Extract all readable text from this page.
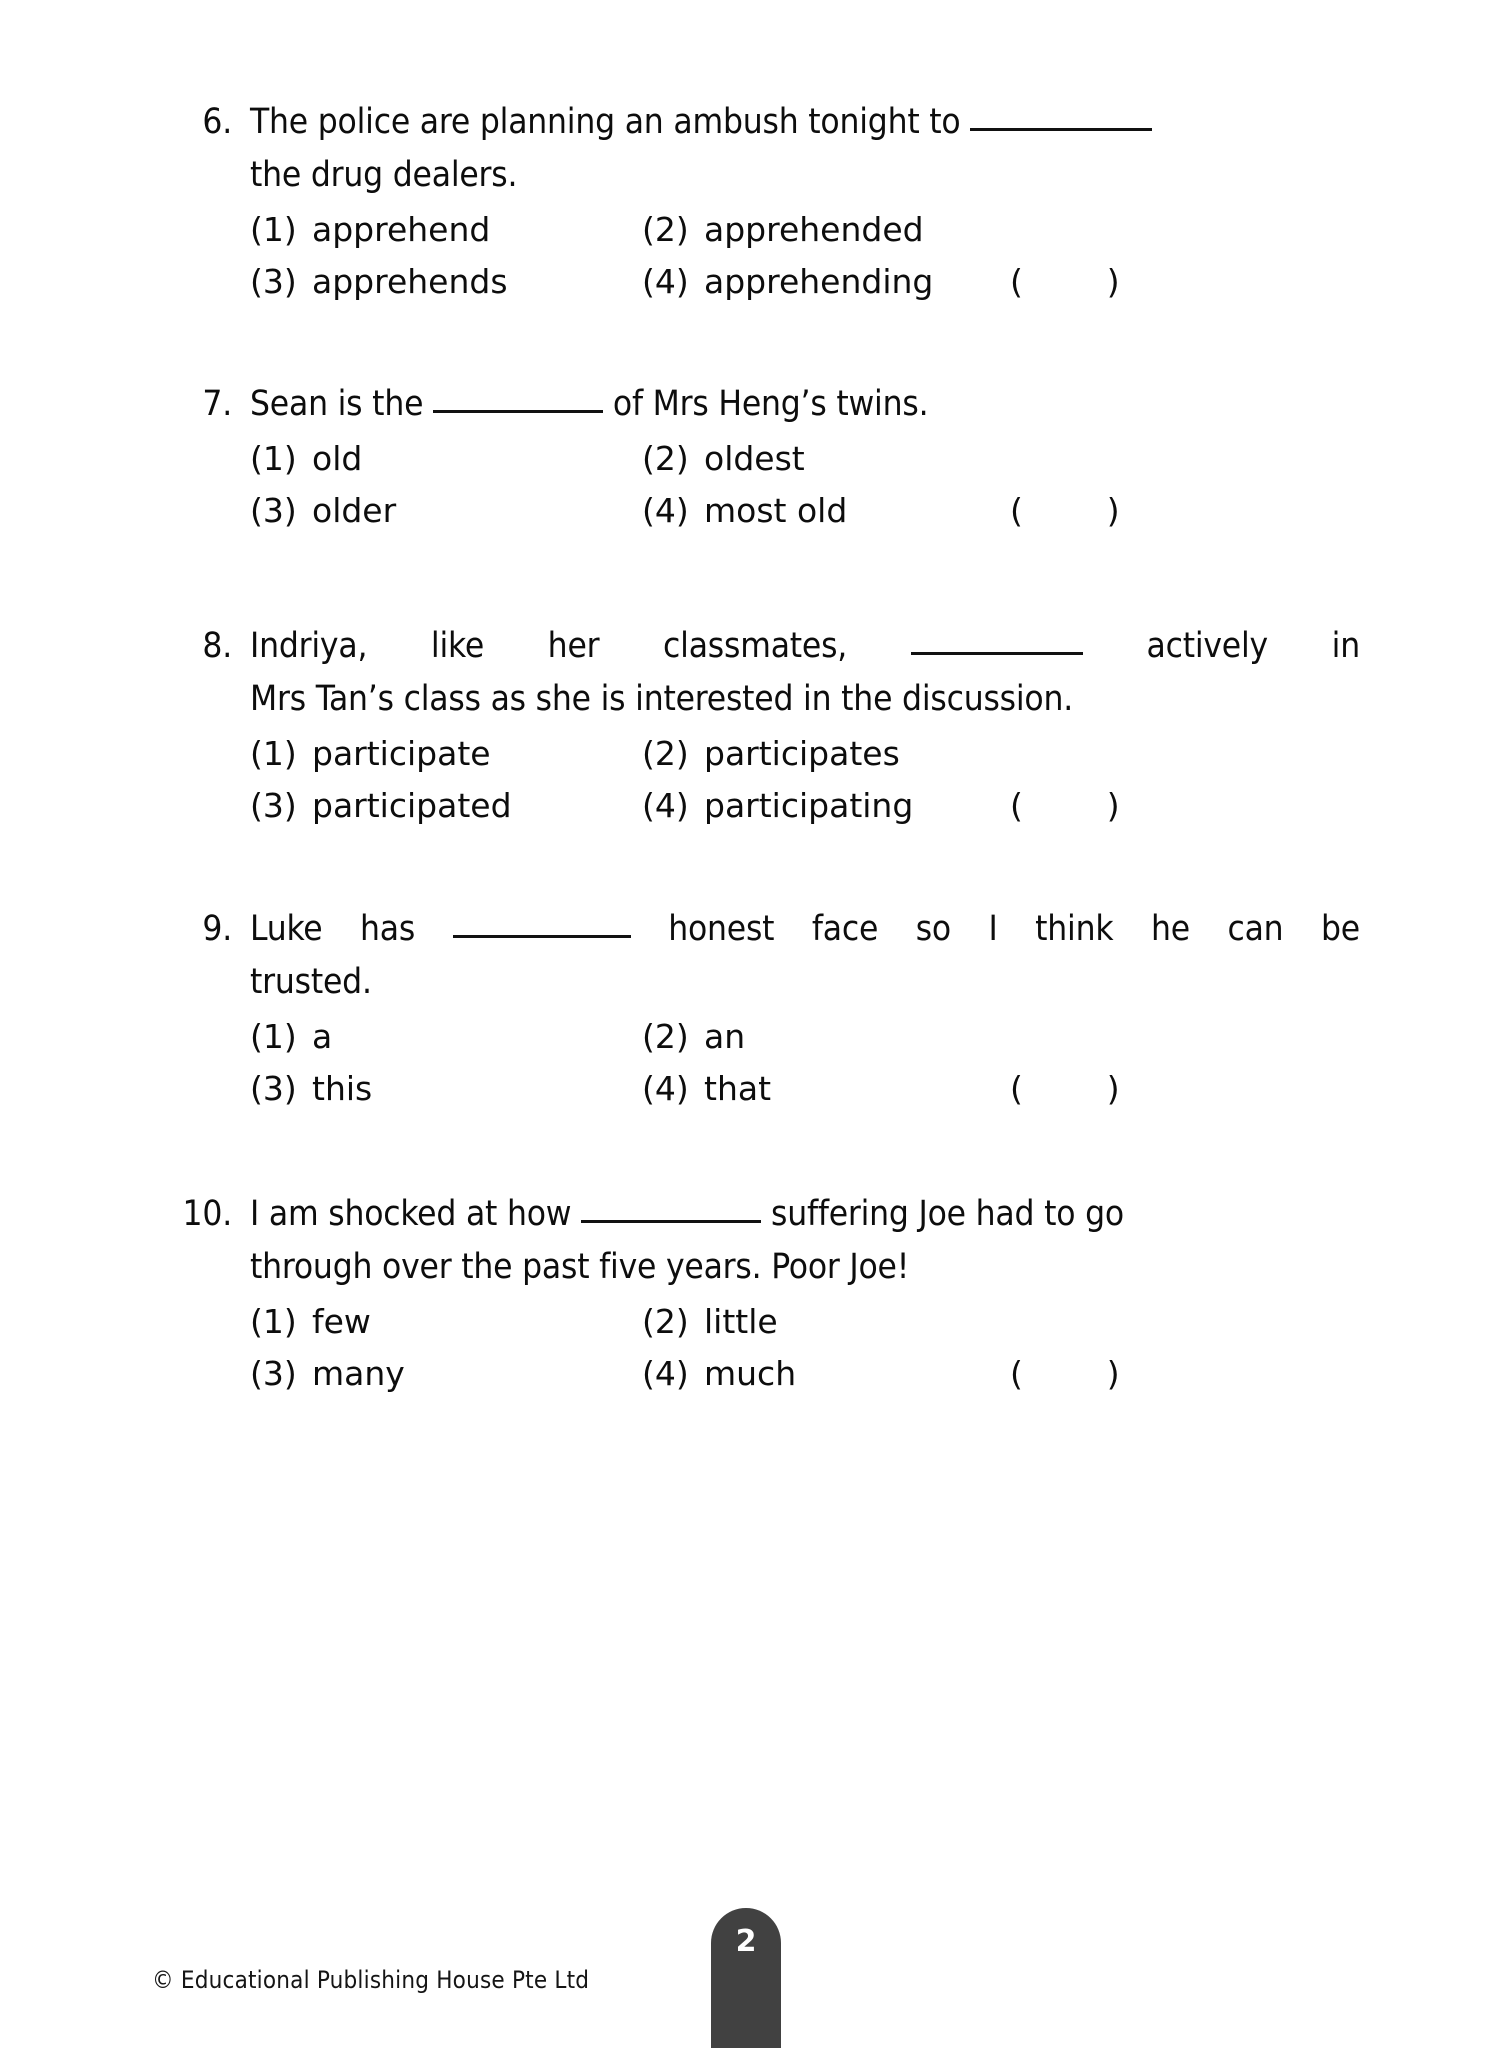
6. The police are planning an ambush tonight to
the drug dealers.
(1) apprehend	(2) apprehended
(3) apprehends	(4) apprehending (        )
7. Sean is the	of Mrs Heng’s twins.
(1) old	(2) oldest
(3) older	(4) most old	(        )
8. Indriya, like her classmates,	actively in
Mrs Tan’s class as she is interested in the discussion.
(1) participate	(2) participates
(3) participated	(4) participating	(        )
9. Luke has	honest face so I think he can be
trusted.
(1) a	(2) an
(3) this	(4) that	(        )
10. I am shocked at how	suffering Joe had to go
through over the past five years. Poor Joe!
(1) few	(2) little
(3) many	(4) much	(        )
© Educational Publishing House Pte Ltd
2
